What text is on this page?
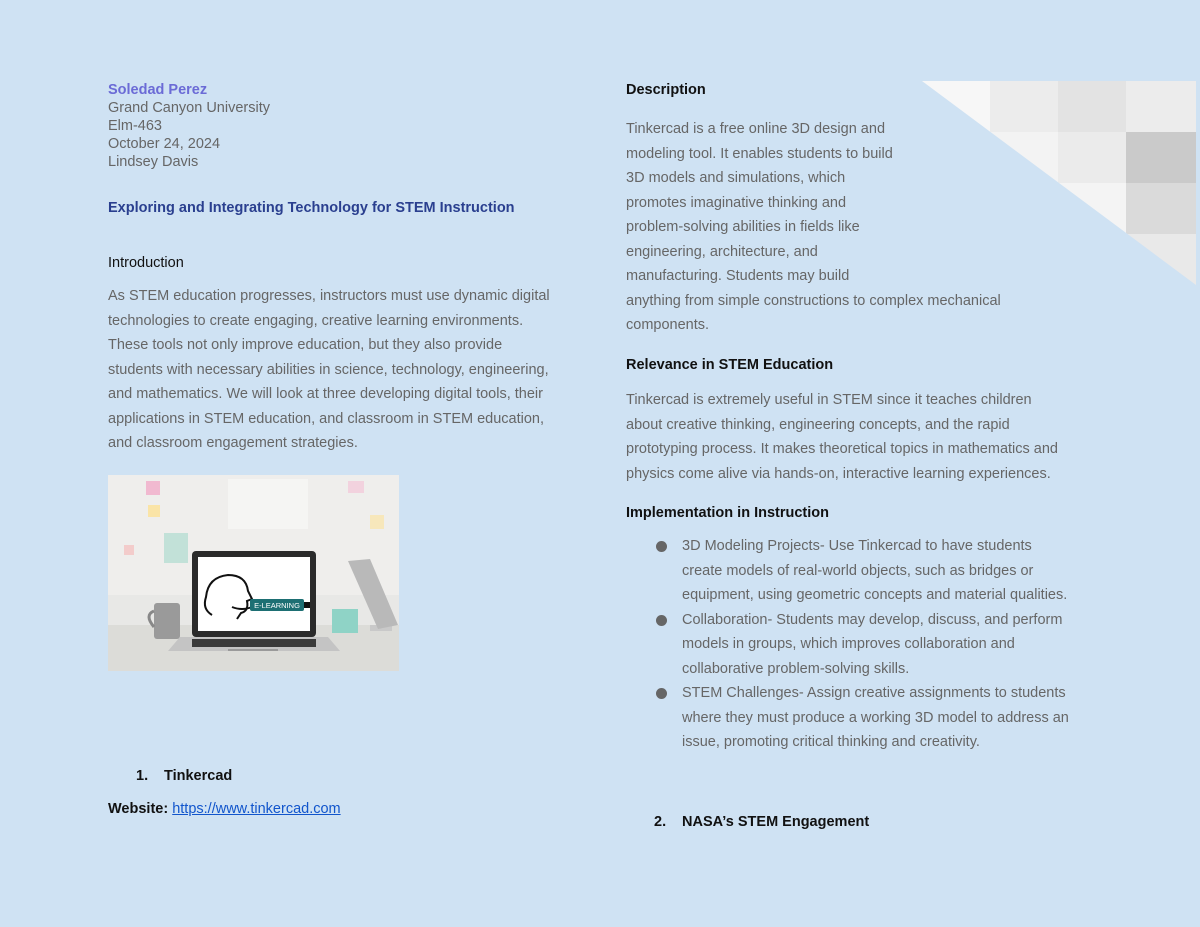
Soledad Perez
Grand Canyon University
Elm-463
October 24, 2024
Lindsey Davis
Exploring and Integrating Technology for STEM Instruction
Introduction
As STEM education progresses, instructors must use dynamic digital
technologies to create engaging, creative learning environments.
These tools not only improve education, but they also provide
students with necessary abilities in science, technology, engineering,
and mathematics. We will look at three developing digital tools, their
applications in STEM education, and classroom in STEM education,
and classroom engagement strategies.
E-LEARNING
1. Tinkercad
Website: https://www.tinkercad.com
Description
Tinkercad is a free online 3D design and
modeling tool. It enables students to build
3D models and simulations, which
promotes imaginative thinking and
problem-solving abilities in fields like
engineering, architecture, and
manufacturing. Students may build
anything from simple constructions to complex mechanical
components.
Relevance in STEM Education
Tinkercad is extremely useful in STEM since it teaches children
about creative thinking, engineering concepts, and the rapid
prototyping process. It makes theoretical topics in mathematics and
physics come alive via hands-on, interactive learning experiences.
Implementation in Instruction
3D Modeling Projects- Use Tinkercad to have students
create models of real-world objects, such as bridges or
equipment, using geometric concepts and material qualities.
Collaboration- Students may develop, discuss, and perform
models in groups, which improves collaboration and
collaborative problem-solving skills.
STEM Challenges- Assign creative assignments to students
where they must produce a working 3D model to address an
issue, promoting critical thinking and creativity.
2. NASA’s STEM Engagement
